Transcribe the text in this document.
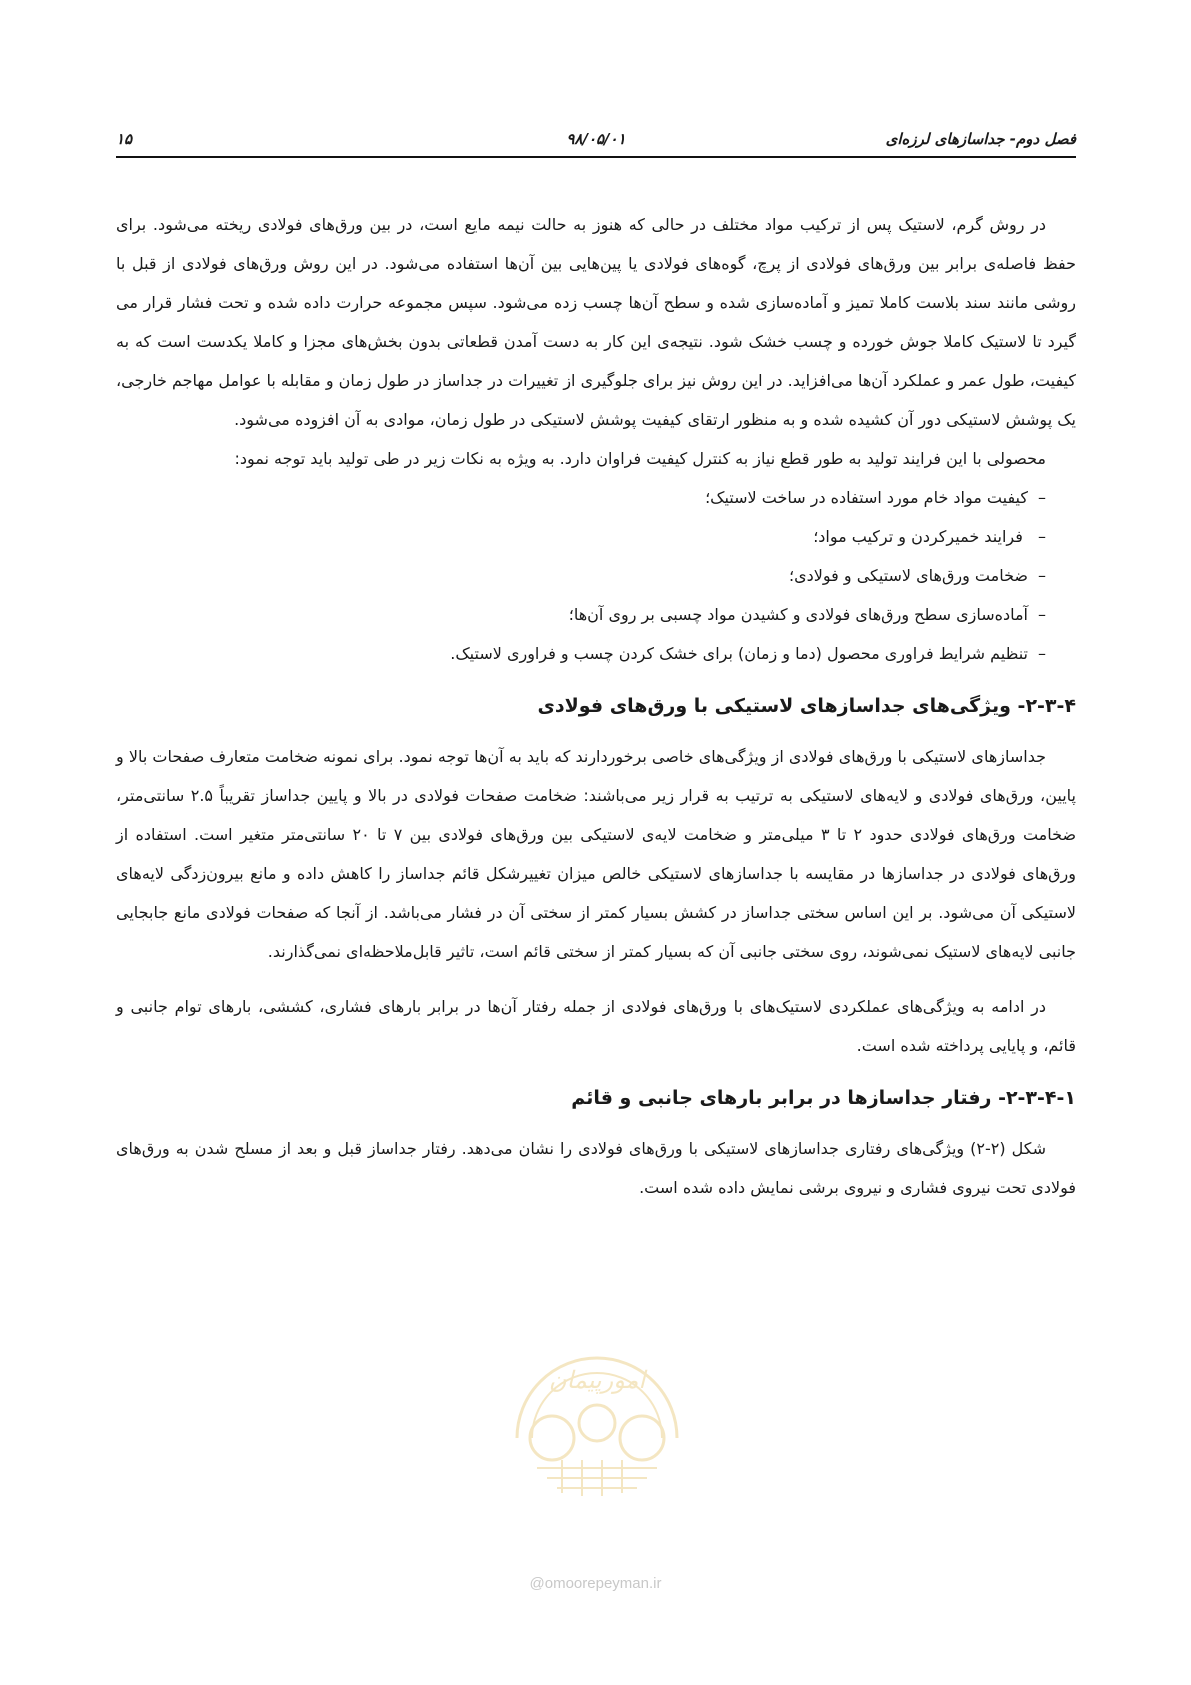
فصل دوم- جداسازهای لرزه‌ای
۹۸/۰۵/۰۱
۱۵

در روش گرم، لاستیک پس از ترکیب مواد مختلف در حالی که هنوز به حالت نیمه مایع است، در بین ورق‌های فولادی ریخته می‌شود. برای حفظ فاصله‌ی برابر بین ورق‌های فولادی از پرچ، گوه‌های فولادی یا پین‌هایی بین آن‌ها استفاده می‌شود. در این روش ورق‌های فولادی از قبل با روشی مانند سند بلاست کاملا تمیز و آماده‌سازی شده و سطح آن‌ها چسب زده می‌شود. سپس مجموعه حرارت داده شده و تحت فشار قرار می گیرد تا لاستیک کاملا جوش خورده و چسب خشک شود. نتیجه‌ی این کار به دست آمدن قطعاتی بدون بخش‌های مجزا و کاملا یکدست است که به کیفیت، طول عمر و عملکرد آن‌ها می‌افزاید. در این روش نیز برای جلوگیری از تغییرات در جداساز در طول زمان و مقابله با عوامل مهاجم خارجی، یک پوشش لاستیکی دور آن کشیده شده و به منظور ارتقای کیفیت پوشش لاستیکی در طول زمان، موادی به آن افزوده می‌شود.

محصولی با این فرایند تولید به طور قطع نیاز به کنترل کیفیت فراوان دارد. به ویژه به نکات زیر در طی تولید باید توجه نمود:
–کیفیت مواد خام مورد استفاده در ساخت لاستیک؛
– فرایند خمیرکردن و ترکیب مواد؛
–ضخامت ورق‌های لاستیکی و فولادی؛
–آماده‌سازی سطح ورق‌های فولادی و کشیدن مواد چسبی بر روی آن‌ها؛
–تنظیم شرایط فراوری محصول (دما و زمان) برای خشک کردن چسب و فراوری لاستیک.
۲-۳-۴- ویژگی‌های جداسازهای لاستیکی با ورق‌های فولادی

جداسازهای لاستیکی با ورق‌های فولادی از ویژگی‌های خاصی برخوردارند که باید به آن‌ها توجه نمود. برای نمونه ضخامت متعارف صفحات بالا و پایین، ورق‌های فولادی و لایه‌های لاستیکی به ترتیب به قرار زیر می‌باشند: ضخامت صفحات فولادی در بالا و پایین جداساز تقریباً ۲.۵ سانتی‌متر، ضخامت ورق‌های فولادی حدود ۲ تا ۳ میلی‌متر و ضخامت لایه‌ی لاستیکی بین ورق‌های فولادی بین ۷ تا ۲۰ سانتی‌متر متغیر است. استفاده از ورق‌های فولادی در جداسازها در مقایسه با جداسازهای لاستیکی خالص میزان تغییرشکل قائم جداساز را کاهش داده و مانع بیرون‌زدگی لایه‌های لاستیکی آن می‌شود. بر این اساس سختی جداساز در کشش بسیار کمتر از سختی آن در فشار می‌باشد. از آنجا که صفحات فولادی مانع جابجایی جانبی لایه‌های لاستیک نمی‌شوند، روی سختی جانبی آن که بسیار کمتر از سختی قائم است، تاثیر قابل‌ملاحظه‌ای نمی‌گذارند.

در ادامه به ویژگی‌های عملکردی لاستیک‌های با ورق‌های فولادی از جمله رفتار آن‌ها در برابر بارهای فشاری، کششی، بارهای توام جانبی و قائم، و پایایی پرداخته شده است.

۲-۳-۴-۱- رفتار جداسازها در برابر بارهای جانبی و قائم

شکل (۲-۲) ویژگی‌های رفتاری جداسازهای لاستیکی با ورق‌های فولادی را نشان می‌دهد. رفتار جداساز قبل و بعد از مسلح شدن به ورق‌های فولادی تحت نیروی فشاری و نیروی برشی نمایش داده شده است.

امورپیمان
@omoorepeyman.ir
